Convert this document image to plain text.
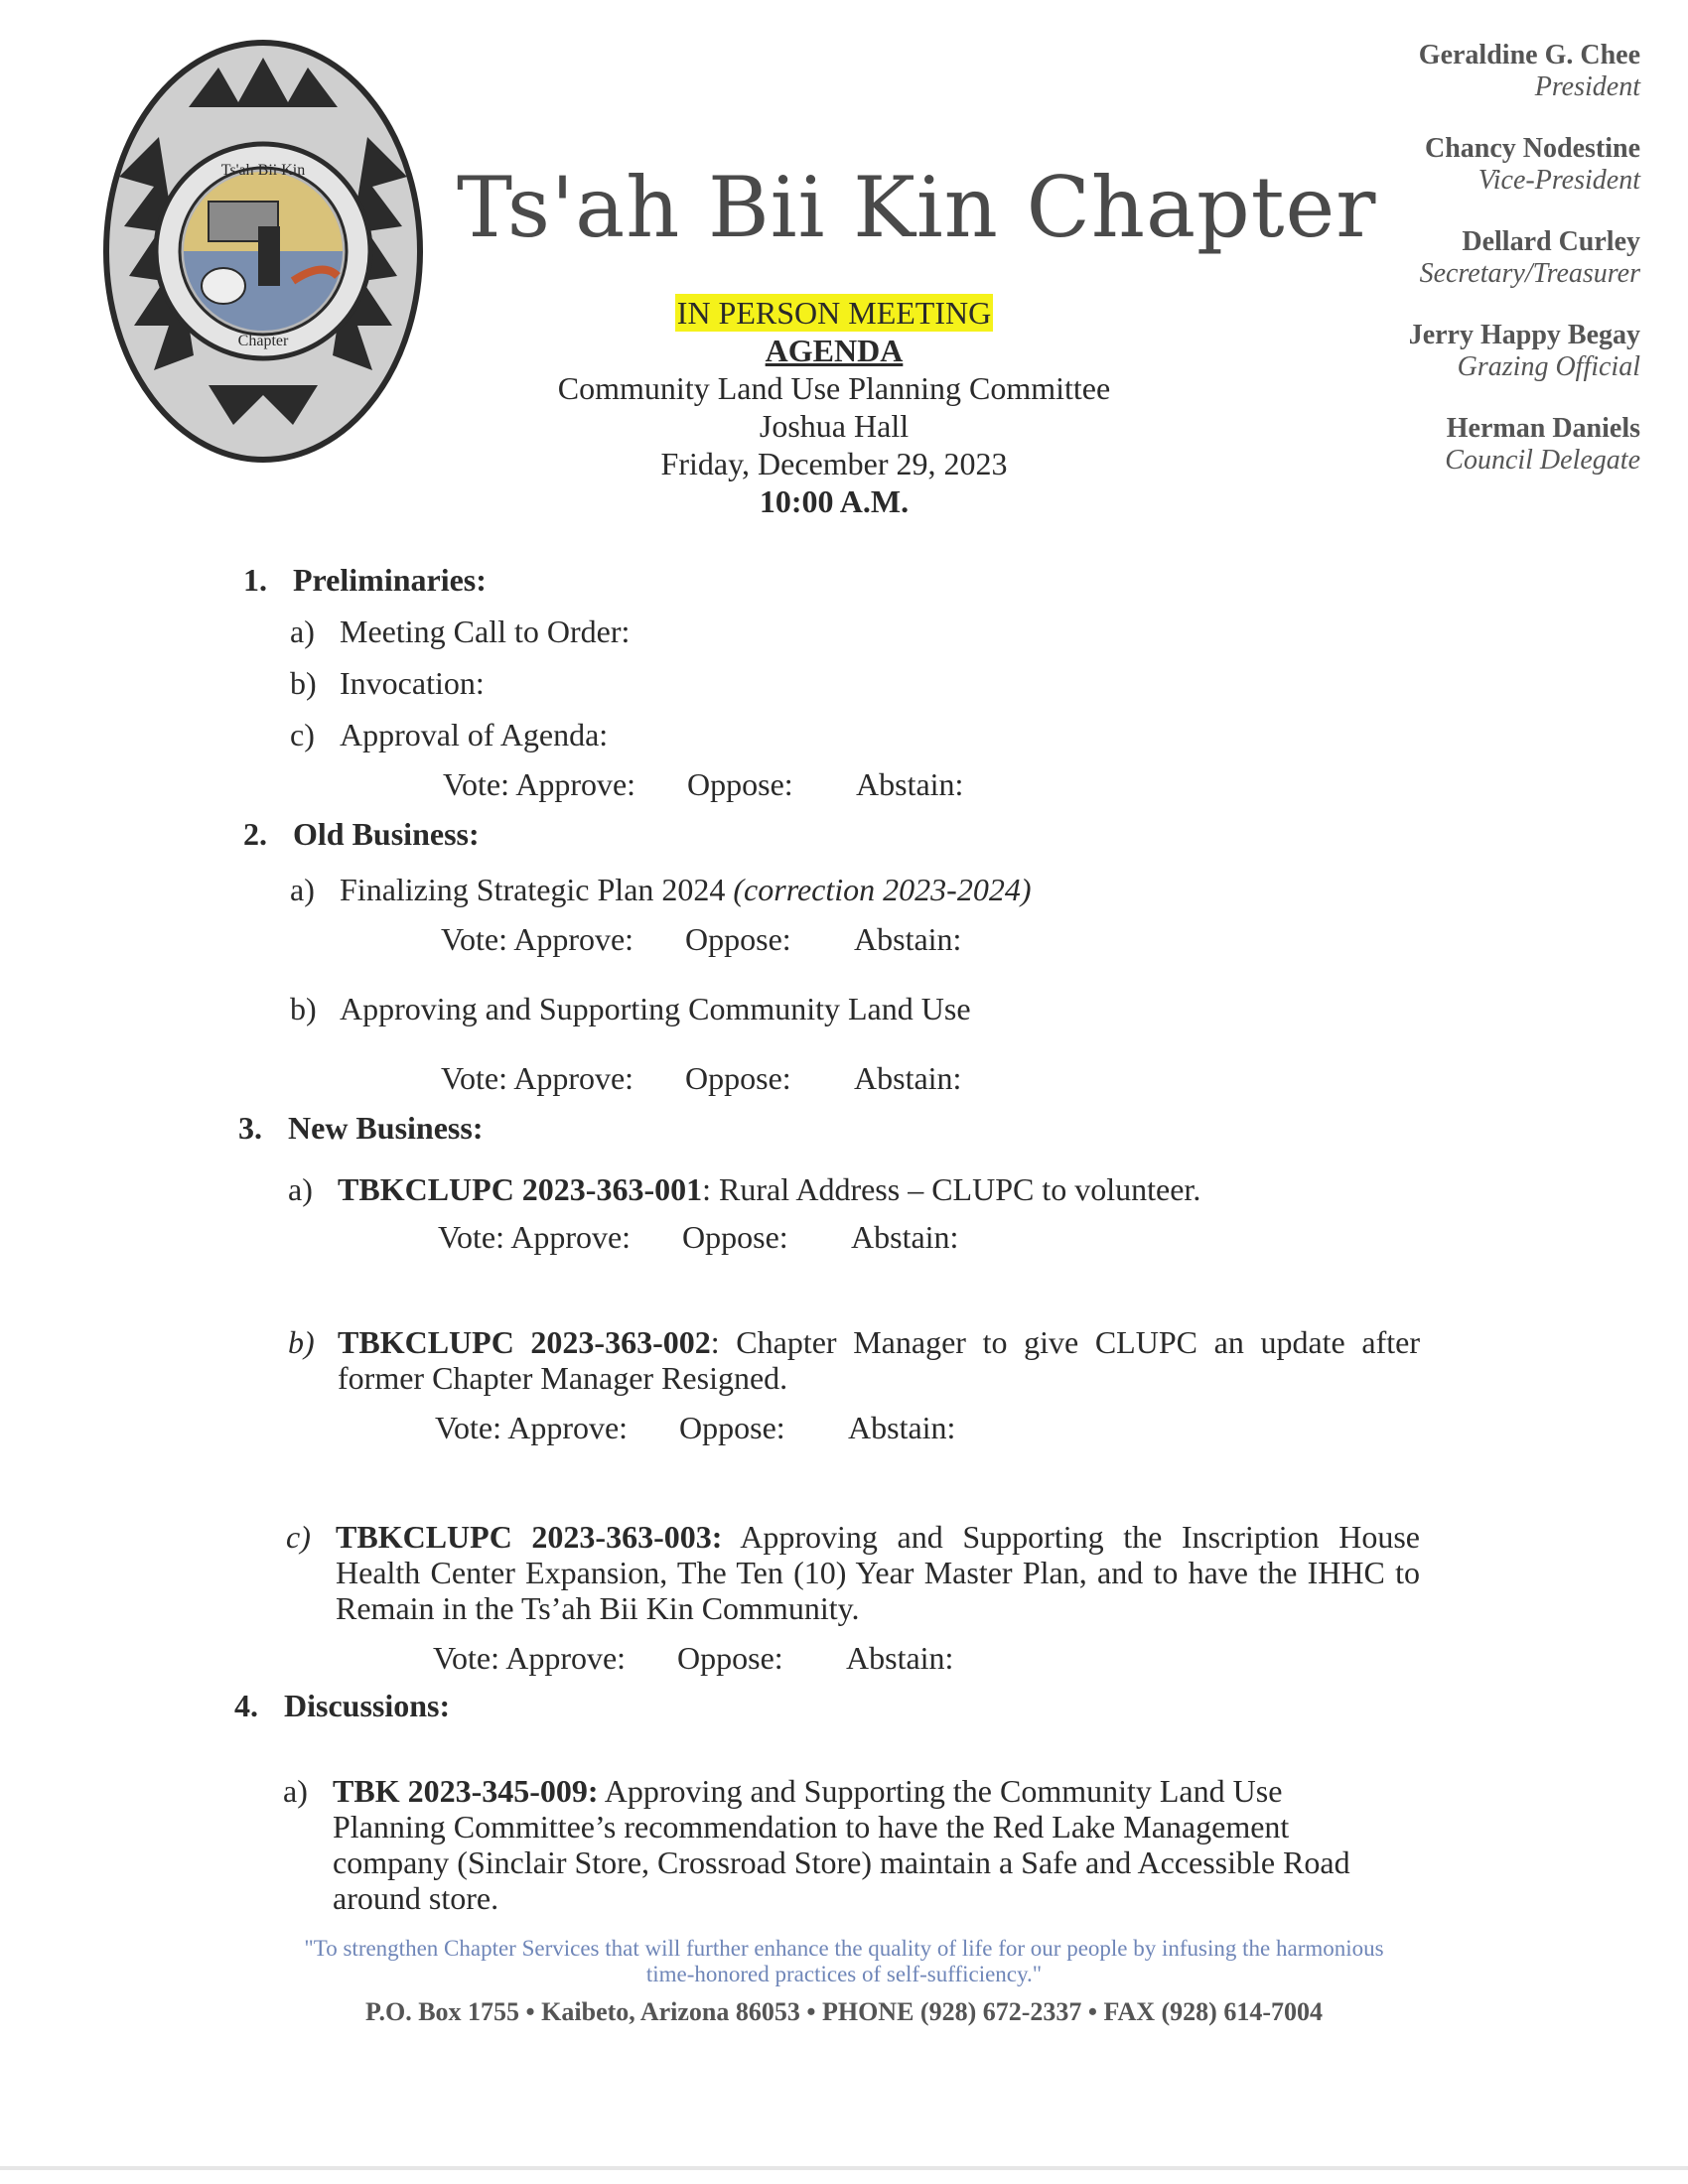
Ts'ah Bii Kin
Chapter
Ts'ah Bii Kin Chapter
Geraldine G. Chee
President
Chancy Nodestine
Vice-President
Dellard Curley
Secretary/Treasurer
Jerry Happy Begay
Grazing Official
Herman Daniels
Council Delegate
IN PERSON MEETING
AGENDA
Community Land Use Planning Committee
Joshua Hall
Friday, December 29, 2023
10:00 A.M.
1. Preliminaries:
a) Meeting Call to Order:
b) Invocation:
c) Approval of Agenda:
Vote: Approve: Oppose: Abstain:
2. Old Business:
a) Finalizing Strategic Plan 2024 (correction 2023-2024)
Vote: Approve: Oppose: Abstain:
b) Approving and Supporting Community Land Use
Vote: Approve: Oppose: Abstain:
3. New Business:
a) TBKCLUPC 2023-363-001: Rural Address – CLUPC to volunteer.
Vote: Approve: Oppose: Abstain:
b) TBKCLUPC 2023-363-002: Chapter Manager to give CLUPC an update after former Chapter Manager Resigned.
Vote: Approve: Oppose: Abstain:
c) TBKCLUPC 2023-363-003: Approving and Supporting the Inscription House Health Center Expansion, The Ten (10) Year Master Plan, and to have the IHHC to Remain in the Ts’ah Bii Kin Community.
Vote: Approve: Oppose: Abstain:
4. Discussions:
a) TBK 2023-345-009: Approving and Supporting the Community Land Use Planning Committee’s recommendation to have the Red Lake Management company (Sinclair Store, Crossroad Store) maintain a Safe and Accessible Road around store.
"To strengthen Chapter Services that will further enhance the quality of life for our people by infusing the harmonious time-honored practices of self-sufficiency."
P.O. Box 1755 • Kaibeto, Arizona 86053 • PHONE (928) 672-2337 • FAX (928) 614-7004
